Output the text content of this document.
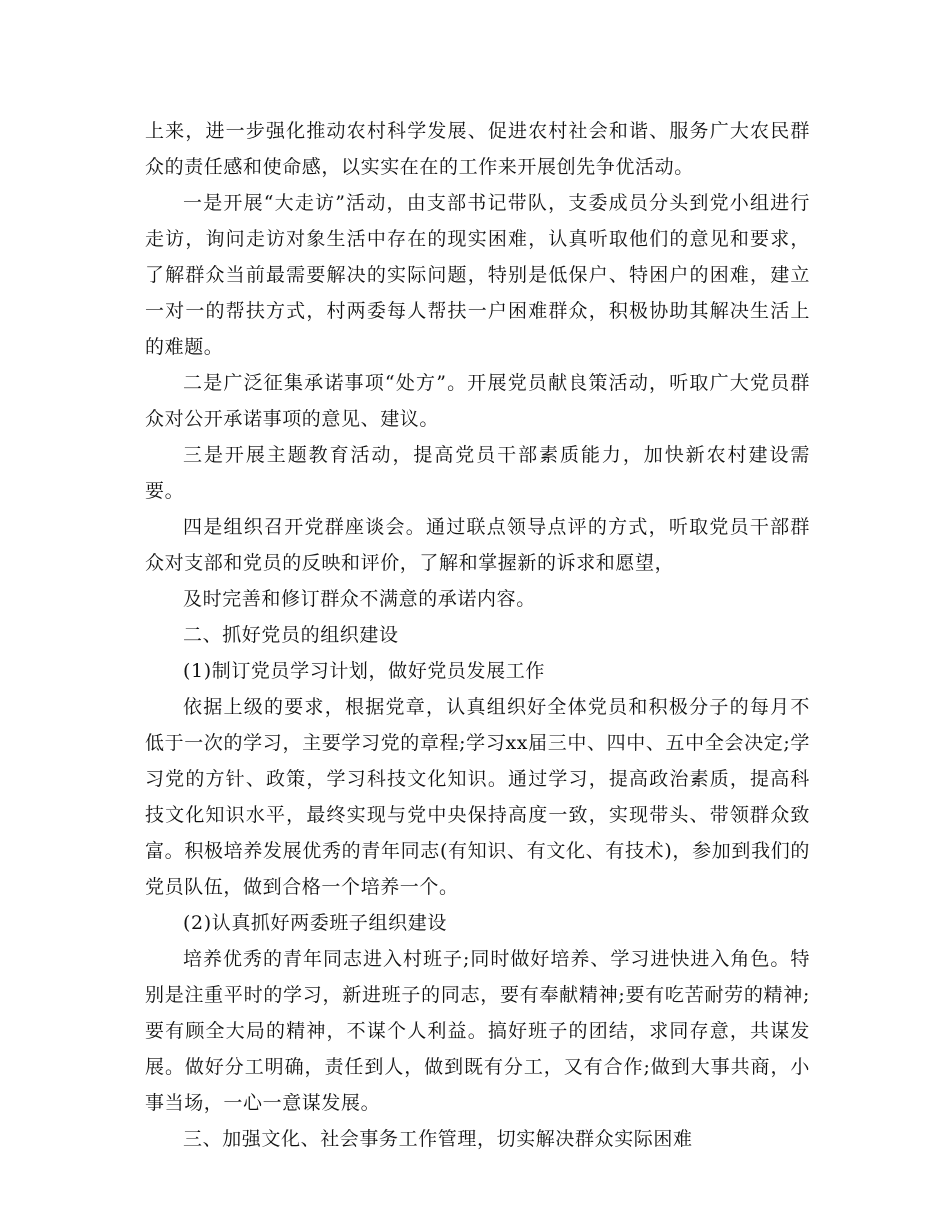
上来，进一步强化推动农村科学发展、促进农村社会和谐、服务广大农民群众的责任感和使命感，以实实在在的工作来开展创先争优活动。

一是开展“大走访”活动，由支部书记带队，支委成员分头到党小组进行走访，询问走访对象生活中存在的现实困难，认真听取他们的意见和要求，了解群众当前最需要解决的实际问题，特别是低保户、特困户的困难，建立一对一的帮扶方式，村两委每人帮扶一户困难群众，积极协助其解决生活上的难题。

二是广泛征集承诺事项“处方”。开展党员献良策活动，听取广大党员群众对公开承诺事项的意见、建议。

三是开展主题教育活动，提高党员干部素质能力，加快新农村建设需要。

四是组织召开党群座谈会。通过联点领导点评的方式，听取党员干部群众对支部和党员的反映和评价，了解和掌握新的诉求和愿望，

及时完善和修订群众不满意的承诺内容。

二、抓好党员的组织建设

(1)制订党员学习计划，做好党员发展工作

依据上级的要求，根据党章，认真组织好全体党员和积极分子的每月不低于一次的学习，主要学习党的章程;学习xx届三中、四中、五中全会决定;学习党的方针、政策，学习科技文化知识。通过学习，提高政治素质，提高科技文化知识水平，最终实现与党中央保持高度一致，实现带头、带领群众致富。积极培养发展优秀的青年同志(有知识、有文化、有技术)，参加到我们的党员队伍，做到合格一个培养一个。

(2)认真抓好两委班子组织建设

培养优秀的青年同志进入村班子;同时做好培养、学习进快进入角色。特别是注重平时的学习，新进班子的同志，要有奉献精神;要有吃苦耐劳的精神;要有顾全大局的精神，不谋个人利益。搞好班子的团结，求同存意，共谋发展。做好分工明确，责任到人，做到既有分工，又有合作;做到大事共商，小事当场，一心一意谋发展。

三、加强文化、社会事务工作管理，切实解决群众实际困难
